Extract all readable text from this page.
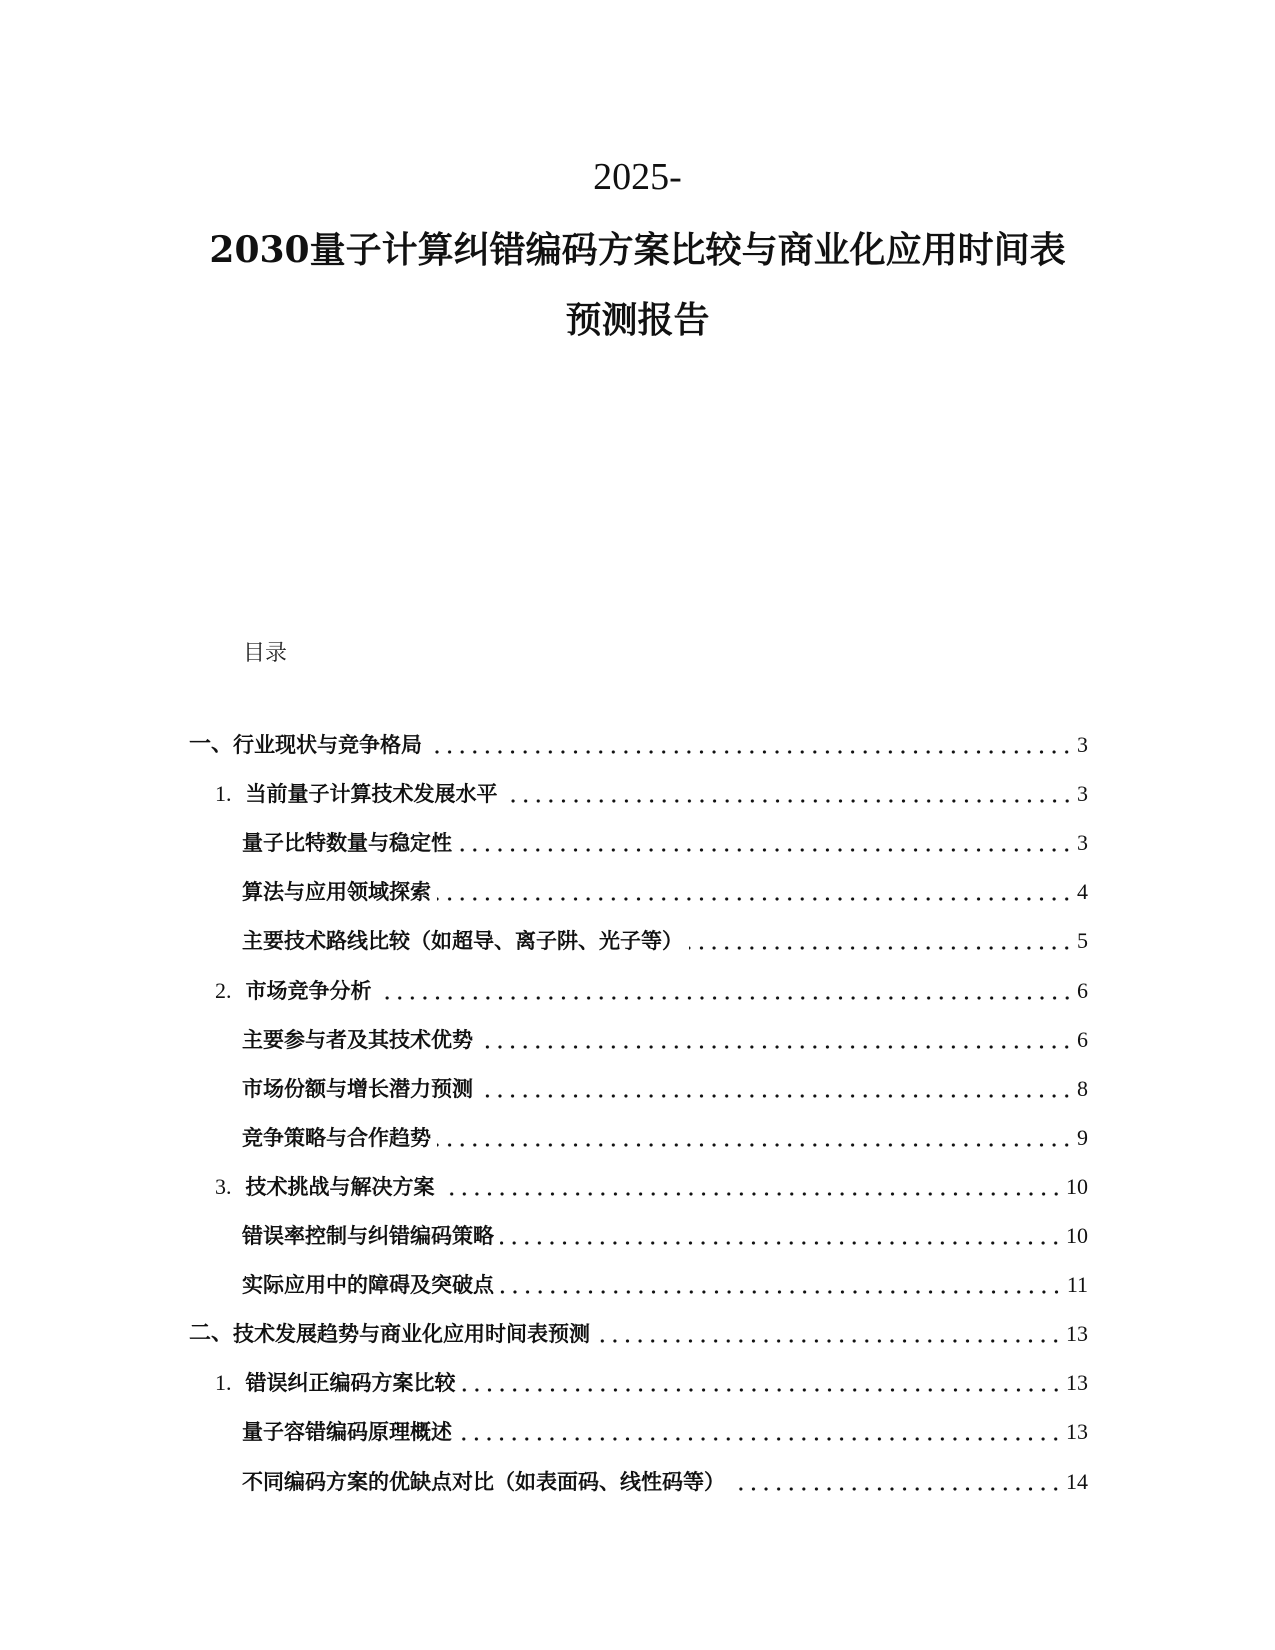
2025-
2030量子计算纠错编码方案比较与商业化应用时间表
预测报告
目录
一、 行业现状与竞争格局	3
1. 当前量子计算技术发展水平	3
量子比特数量与稳定性	3
算法与应用领域探索	4
主要技术路线比较（如超导、离子阱、光子等）	5
2. 市场竞争分析	6
主要参与者及其技术优势	6
市场份额与增长潜力预测	8
竞争策略与合作趋势	9
3. 技术挑战与解决方案	10
错误率控制与纠错编码策略	10
实际应用中的障碍及突破点	11
二、 技术发展趋势与商业化应用时间表预测	13
1. 错误纠正编码方案比较	13
量子容错编码原理概述	13
不同编码方案的优缺点对比（如表面码、线性码等）	14
